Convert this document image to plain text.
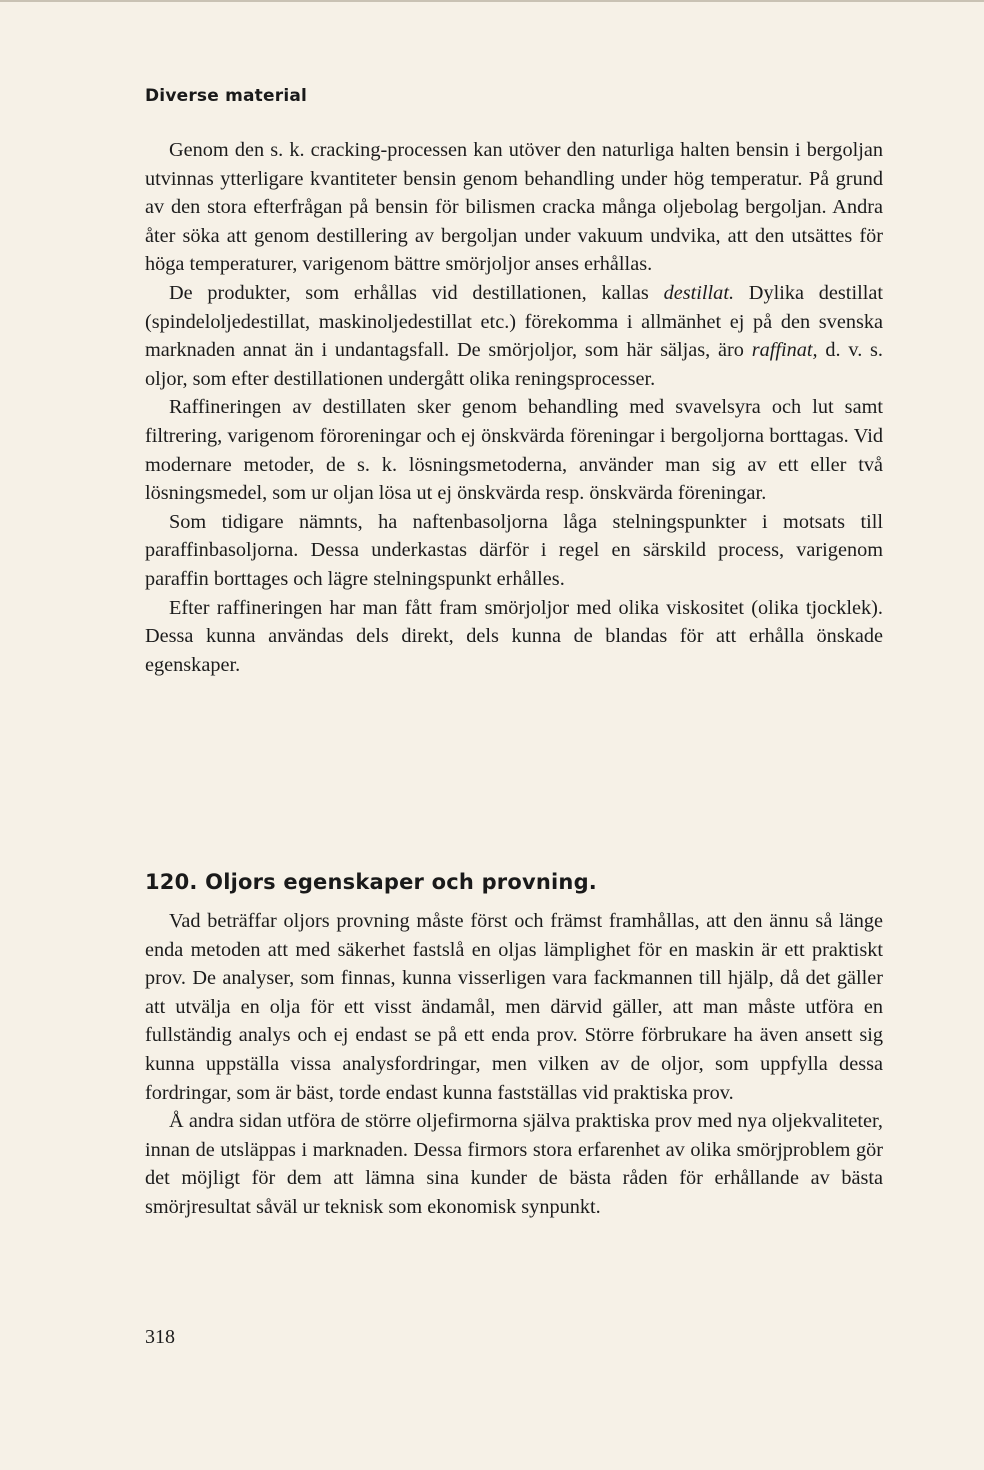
Diverse material

Genom den s. k. cracking-processen kan utöver den naturliga halten bensin i bergoljan utvinnas ytterligare kvantiteter bensin genom behandling under hög temperatur. På grund av den stora efterfrågan på bensin för bilismen cracka många oljebolag bergoljan. Andra åter söka att genom destillering av bergoljan under vakuum undvika, att den utsättes för höga temperaturer, varigenom bättre smörjoljor anses erhållas.

De produkter, som erhållas vid destillationen, kallas destillat. Dylika destillat (spindeloljedestillat, maskinoljedestillat etc.) förekomma i allmänhet ej på den svenska marknaden annat än i undantagsfall. De smörjoljor, som här säljas, äro raffinat, d. v. s. oljor, som efter destillationen undergått olika reningsprocesser.

Raffineringen av destillaten sker genom behandling med svavelsyra och lut samt filtrering, varigenom föroreningar och ej önskvärda föreningar i bergoljorna borttagas. Vid modernare metoder, de s. k. lösningsmetoderna, använder man sig av ett eller två lösningsmedel, som ur oljan lösa ut ej önskvärda resp. önskvärda föreningar.

Som tidigare nämnts, ha naftenbasoljorna låga stelningspunkter i motsats till paraffinbasoljorna. Dessa underkastas därför i regel en särskild process, varigenom paraffin borttages och lägre stelningspunkt erhålles.

Efter raffineringen har man fått fram smörjoljor med olika viskositet (olika tjocklek). Dessa kunna användas dels direkt, dels kunna de blandas för att erhålla önskade egenskaper.

120. Oljors egenskaper och provning.

Vad beträffar oljors provning måste först och främst framhållas, att den ännu så länge enda metoden att med säkerhet fastslå en oljas lämplighet för en maskin är ett praktiskt prov. De analyser, som finnas, kunna visserligen vara fackmannen till hjälp, då det gäller att utvälja en olja för ett visst ändamål, men därvid gäller, att man måste utföra en fullständig analys och ej endast se på ett enda prov. Större förbrukare ha även ansett sig kunna uppställa vissa analysfordringar, men vilken av de oljor, som uppfylla dessa fordringar, som är bäst, torde endast kunna fastställas vid praktiska prov.

Å andra sidan utföra de större oljefirmorna själva praktiska prov med nya oljekvaliteter, innan de utsläppas i marknaden. Dessa firmors stora erfarenhet av olika smörjproblem gör det möjligt för dem att lämna sina kunder de bästa råden för erhållande av bästa smörjresultat såväl ur teknisk som ekonomisk synpunkt.

318
